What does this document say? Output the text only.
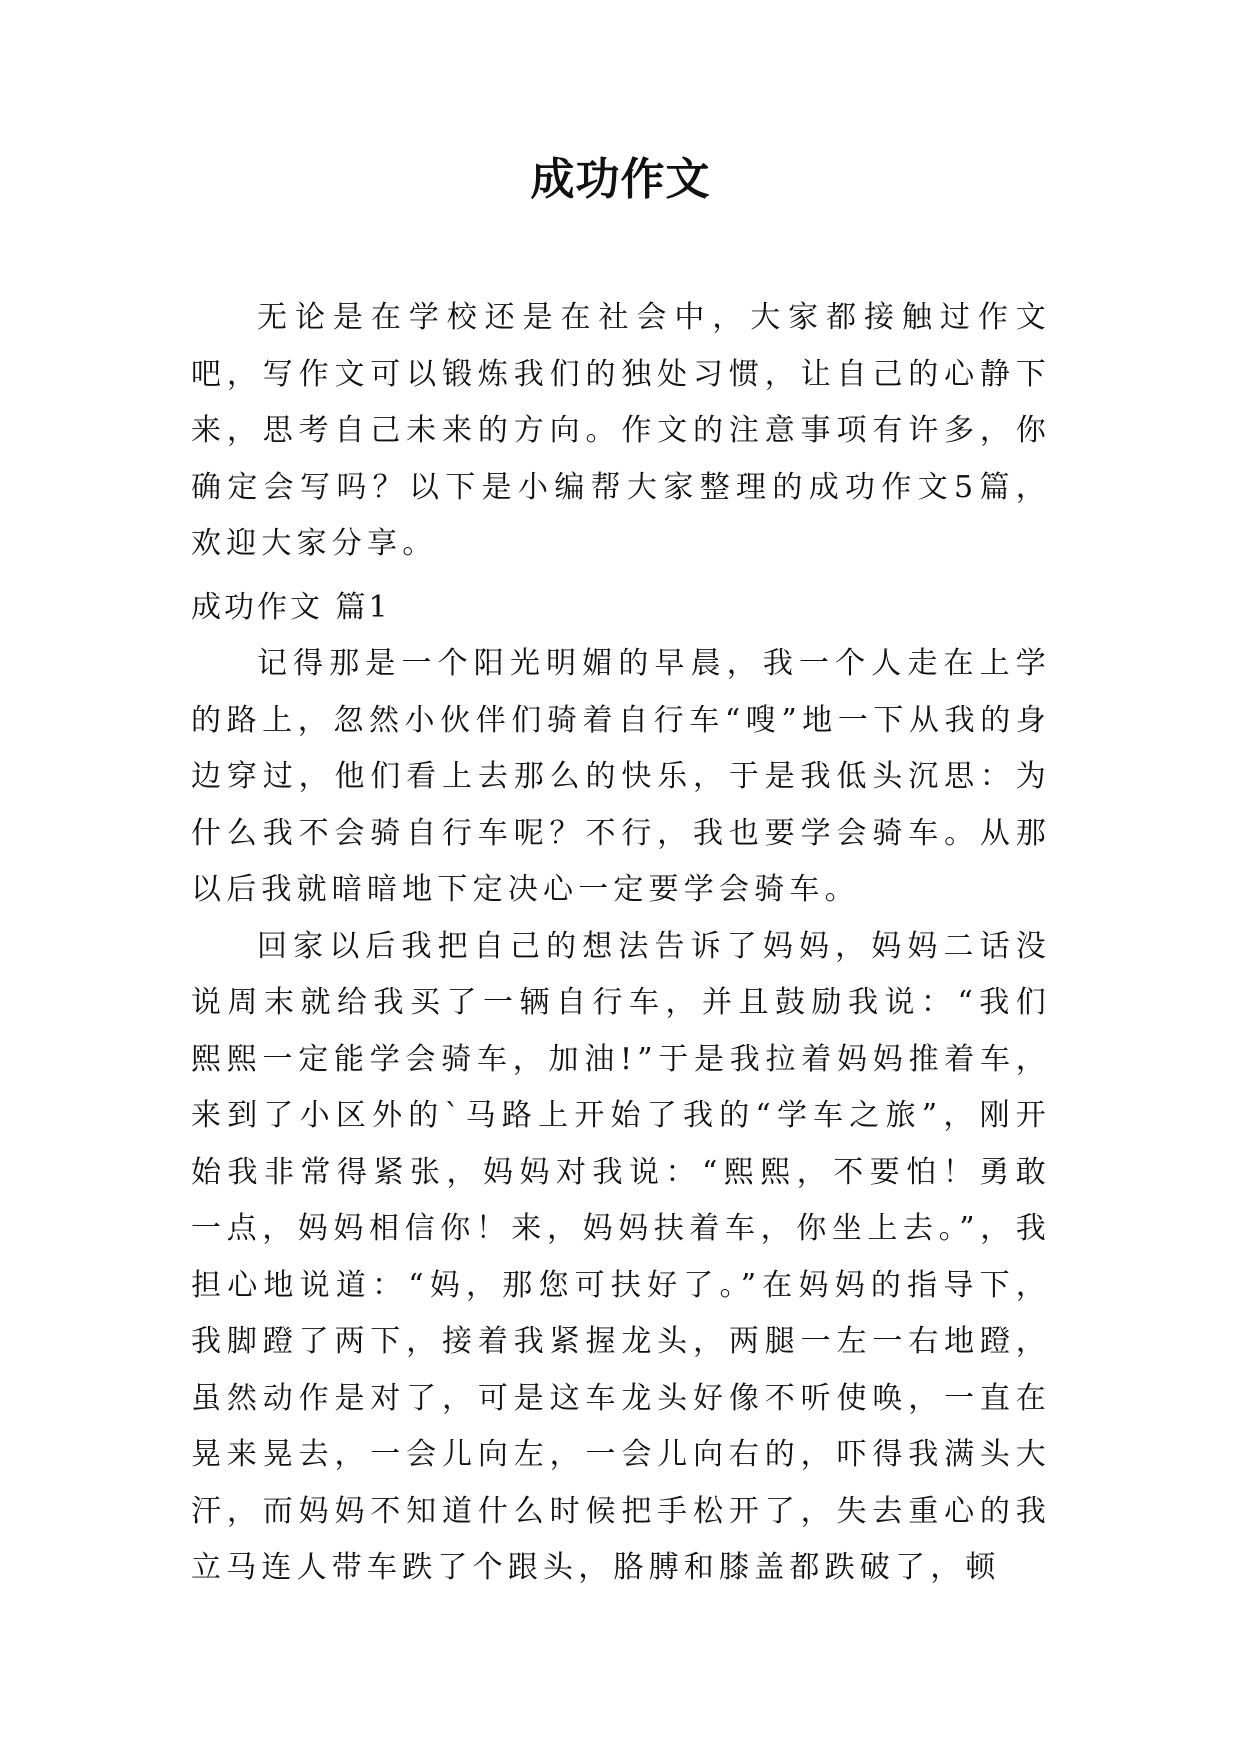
成功作文

无论是在学校还是在社会中，大家都接触过作文吧，写作文可以锻炼我们的独处习惯，让自己的心静下来，思考自己未来的方向。作文的注意事项有许多，你确定会写吗？以下是小编帮大家整理的成功作文5篇，欢迎大家分享。

成功作文 篇1

记得那是一个阳光明媚的早晨，我一个人走在上学的路上，忽然小伙伴们骑着自行车“嗖”地一下从我的身边穿过，他们看上去那么的快乐，于是我低头沉思：为什么我不会骑自行车呢？不行，我也要学会骑车。从那以后我就暗暗地下定决心一定要学会骑车。

回家以后我把自己的想法告诉了妈妈，妈妈二话没说周末就给我买了一辆自行车，并且鼓励我说：“我们熙熙一定能学会骑车，加油!”于是我拉着妈妈推着车，来到了小区外的`马路上开始了我的“学车之旅”，刚开始我非常得紧张，妈妈对我说：“熙熙，不要怕！勇敢一点，妈妈相信你！来，妈妈扶着车，你坐上去。”，我担心地说道：“妈，那您可扶好了。”在妈妈的指导下，我脚蹬了两下，接着我紧握龙头，两腿一左一右地蹬，虽然动作是对了，可是这车龙头好像不听使唤，一直在晃来晃去，一会儿向左，一会儿向右的，吓得我满头大汗，而妈妈不知道什么时候把手松开了，失去重心的我立马连人带车跌了个跟头，胳膊和膝盖都跌破了，顿
